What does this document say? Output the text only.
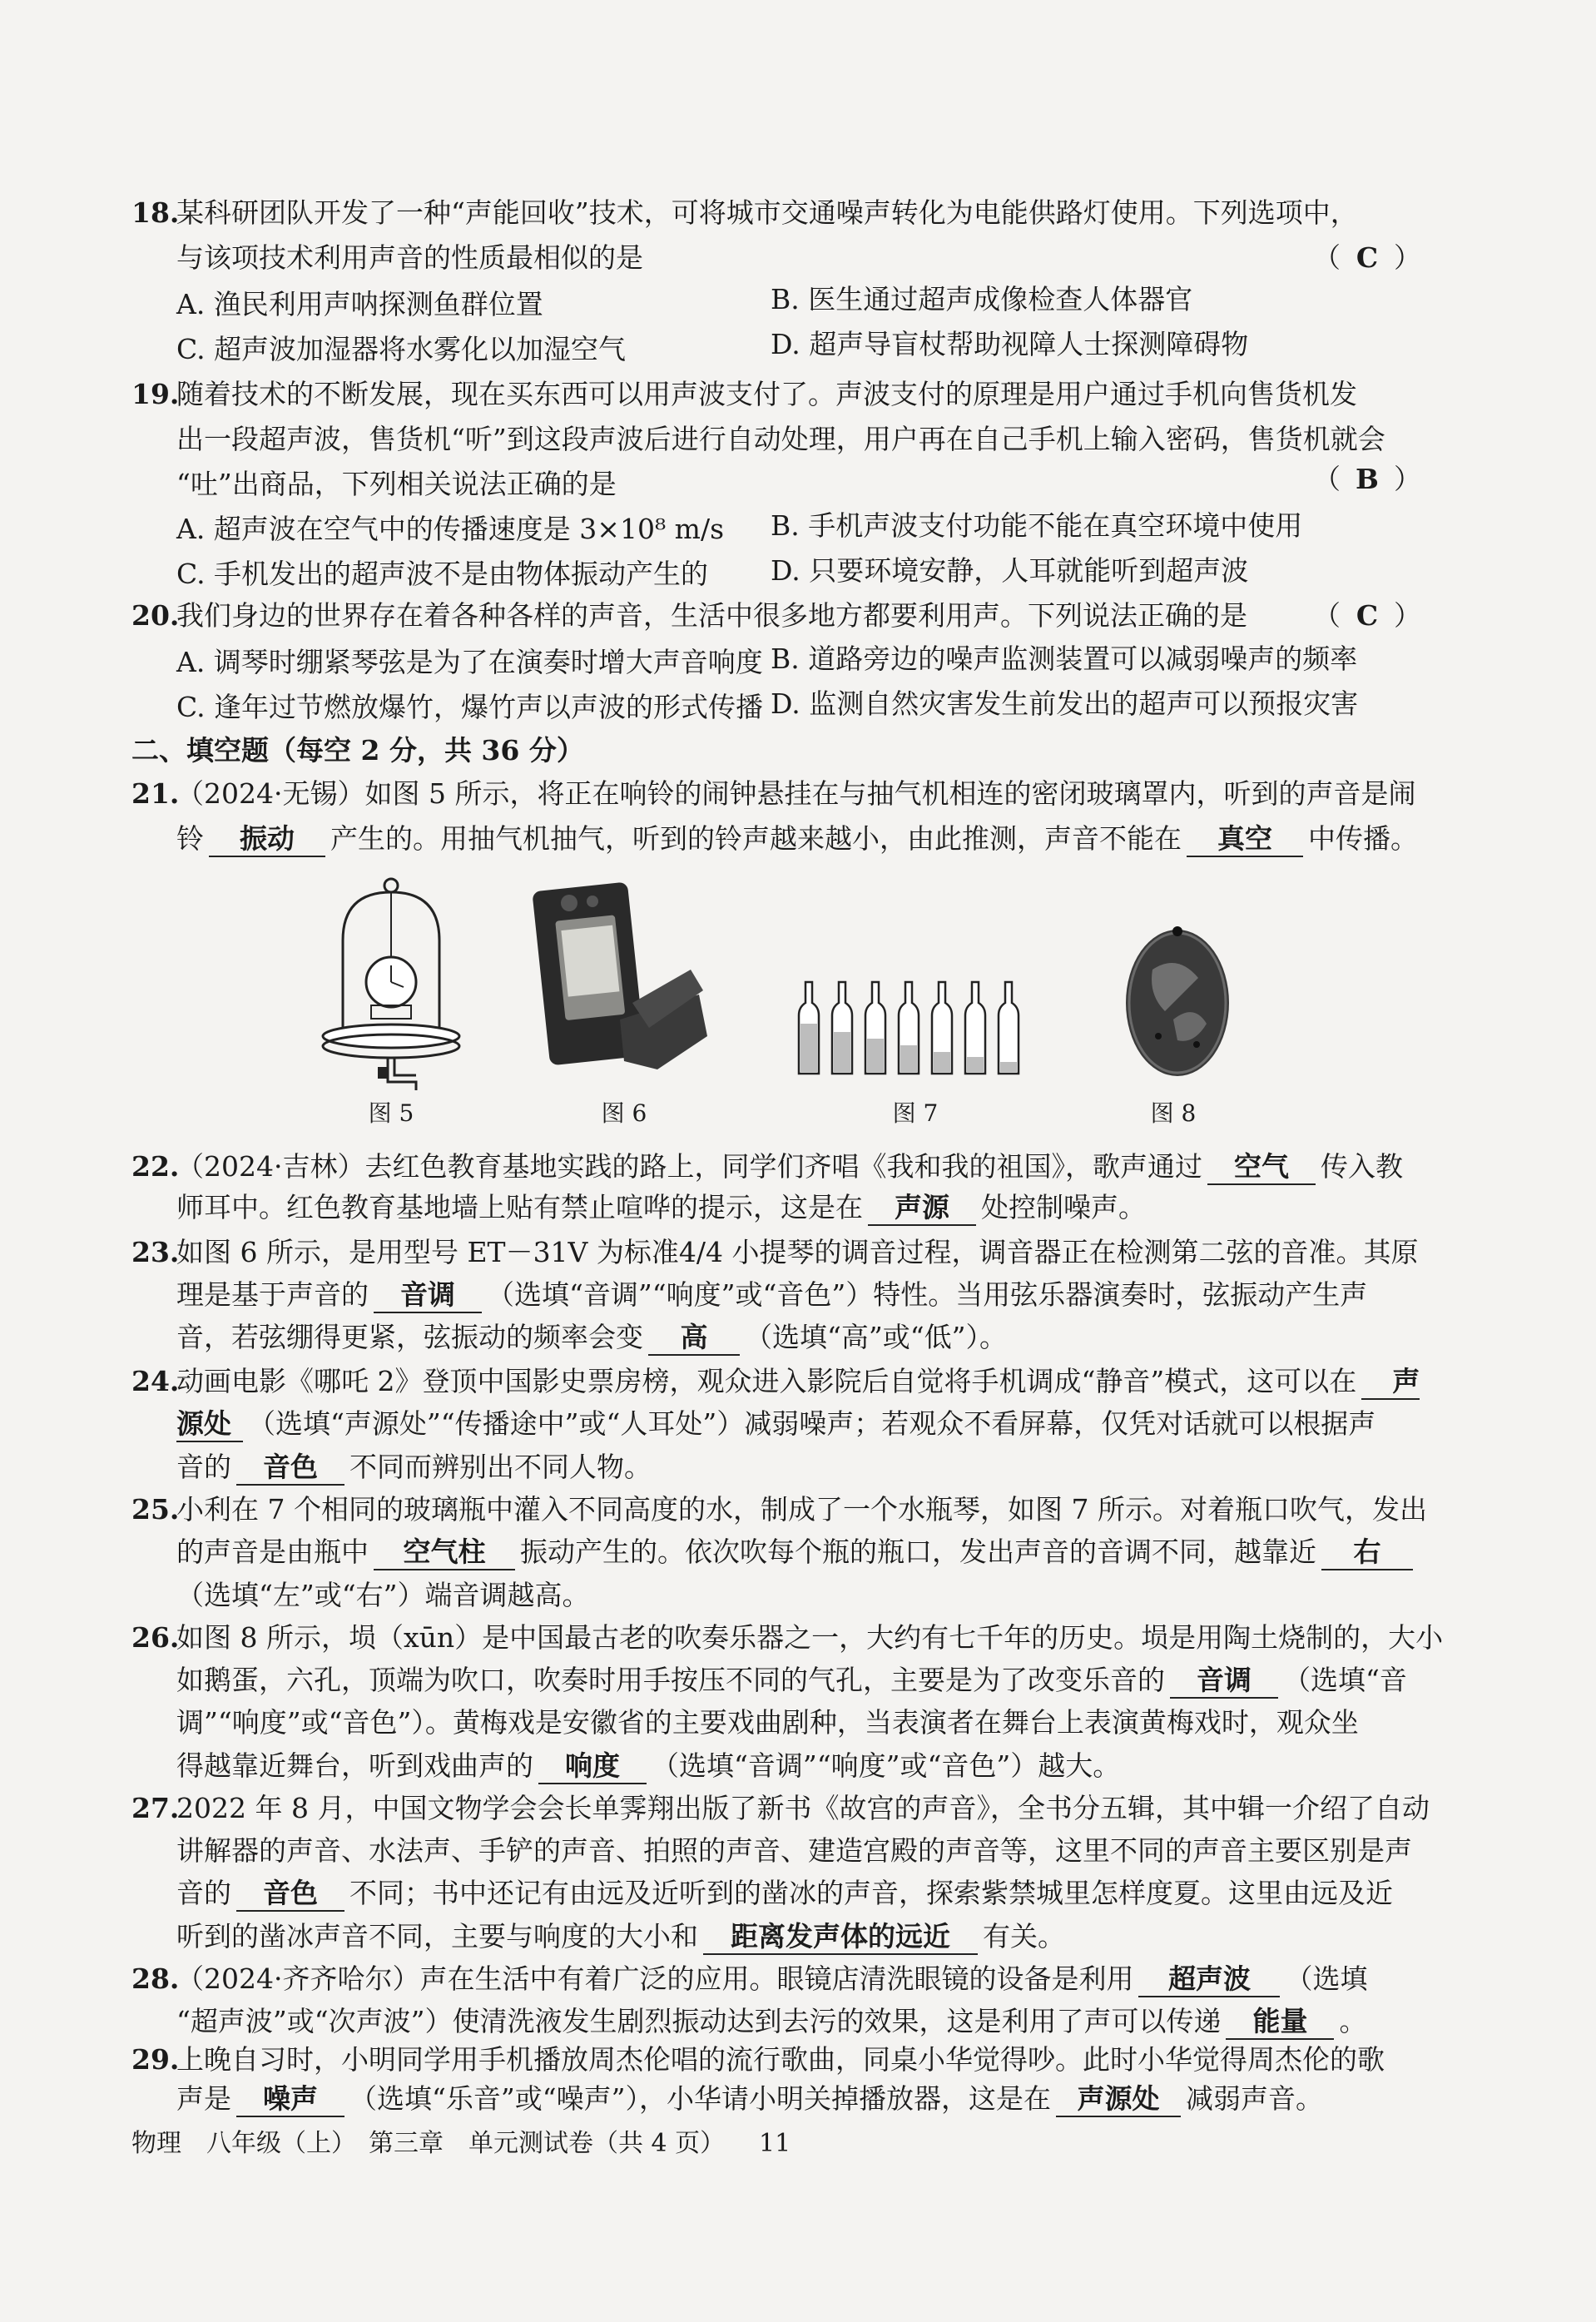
18.
某科研团队开发了一种“声能回收”技术，可将城市交通噪声转化为电能供路灯使用。下列选项中，
与该项技术利用声音的性质最相似的是	（ C ）
A. 渔民利用声呐探测鱼群位置	B. 医生通过超声成像检查人体器官
C. 超声波加湿器将水雾化以加湿空气	D. 超声导盲杖帮助视障人士探测障碍物
19.
随着技术的不断发展，现在买东西可以用声波支付了。声波支付的原理是用户通过手机向售货机发
出一段超声波，售货机“听”到这段声波后进行自动处理，用户再在自己手机上输入密码，售货机就会
“吐”出商品，下列相关说法正确的是	（ B ）
A. 超声波在空气中的传播速度是 3×10⁸ m/s B. 手机声波支付功能不能在真空环境中使用
C. 手机发出的超声波不是由物体振动产生的 D. 只要环境安静，人耳就能听到超声波
20.
我们身边的世界存在着各种各样的声音，生活中很多地方都要利用声。下列说法正确的是	（ C ）
A. 调琴时绷紧琴弦是为了在演奏时增大声音响度 B. 道路旁边的噪声监测装置可以减弱噪声的频率
C. 逢年过节燃放爆竹，爆竹声以声波的形式传播 D. 监测自然灾害发生前发出的超声可以预报灾害
二、填空题（每空 2 分，共 36 分）
21.
（2024·无锡）如图 5 所示，将正在响铃的闹钟悬挂在与抽气机相连的密闭玻璃罩内，听到的声音是闹
铃 振动 产生的。用抽气机抽气，听到的铃声越来越小，由此推测，声音不能在 真空 中传播。
图 5	图 6	图 7	图 8
22.
（2024·吉林）去红色教育基地实践的路上，同学们齐唱《我和我的祖国》，歌声通过 空气 传入教
师耳中。红色教育基地墙上贴有禁止喧哗的提示，这是在 声源 处控制噪声。
23.
如图 6 所示，是用型号 ET－31V 为标准4/4 小提琴的调音过程，调音器正在检测第二弦的音准。其原
理是基于声音的 音调 （选填“音调”“响度”或“音色”）特性。当用弦乐器演奏时，弦振动产生声
音，若弦绷得更紧，弦振动的频率会变 高 （选填“高”或“低”）。
24.
动画电影《哪吒 2》登顶中国影史票房榜，观众进入影院后自觉将手机调成“静音”模式，这可以在 声
源处 （选填“声源处”“传播途中”或“人耳处”）减弱噪声；若观众不看屏幕，仅凭对话就可以根据声
音的 音色 不同而辨别出不同人物。
25.
小利在 7 个相同的玻璃瓶中灌入不同高度的水，制成了一个水瓶琴，如图 7 所示。对着瓶口吹气，发出
的声音是由瓶中 空气柱 振动产生的。依次吹每个瓶的瓶口，发出声音的音调不同，越靠近 右
（选填“左”或“右”）端音调越高。
26.
如图 8 所示，埙（xūn）是中国最古老的吹奏乐器之一，大约有七千年的历史。埙是用陶土烧制的，大小
如鹅蛋，六孔，顶端为吹口，吹奏时用手按压不同的气孔，主要是为了改变乐音的 音调 （选填“音
调”“响度”或“音色”）。黄梅戏是安徽省的主要戏曲剧种，当表演者在舞台上表演黄梅戏时，观众坐
得越靠近舞台，听到戏曲声的 响度 （选填“音调”“响度”或“音色”）越大。
27.
2022 年 8 月，中国文物学会会长单霁翔出版了新书《故宫的声音》，全书分五辑，其中辑一介绍了自动
讲解器的声音、水法声、手铲的声音、拍照的声音、建造宫殿的声音等，这里不同的声音主要区别是声
音的 音色 不同；书中还记有由远及近听到的凿冰的声音，探索紫禁城里怎样度夏。这里由远及近
听到的凿冰声音不同，主要与响度的大小和 距离发声体的远近 有关。
28.
（2024·齐齐哈尔）声在生活中有着广泛的应用。眼镜店清洗眼镜的设备是利用 超声波 （选填
“超声波”或“次声波”）使清洗液发生剧烈振动达到去污的效果，这是利用了声可以传递 能量 。
29.
上晚自习时，小明同学用手机播放周杰伦唱的流行歌曲，同桌小华觉得吵。此时小华觉得周杰伦的歌
物理　八年级（上）　第三章　单元测试卷（共 4 页） 11
声是 噪声 （选填“乐音”或“噪声”），小华请小明关掉播放器，这是在 声源处 减弱声音。
